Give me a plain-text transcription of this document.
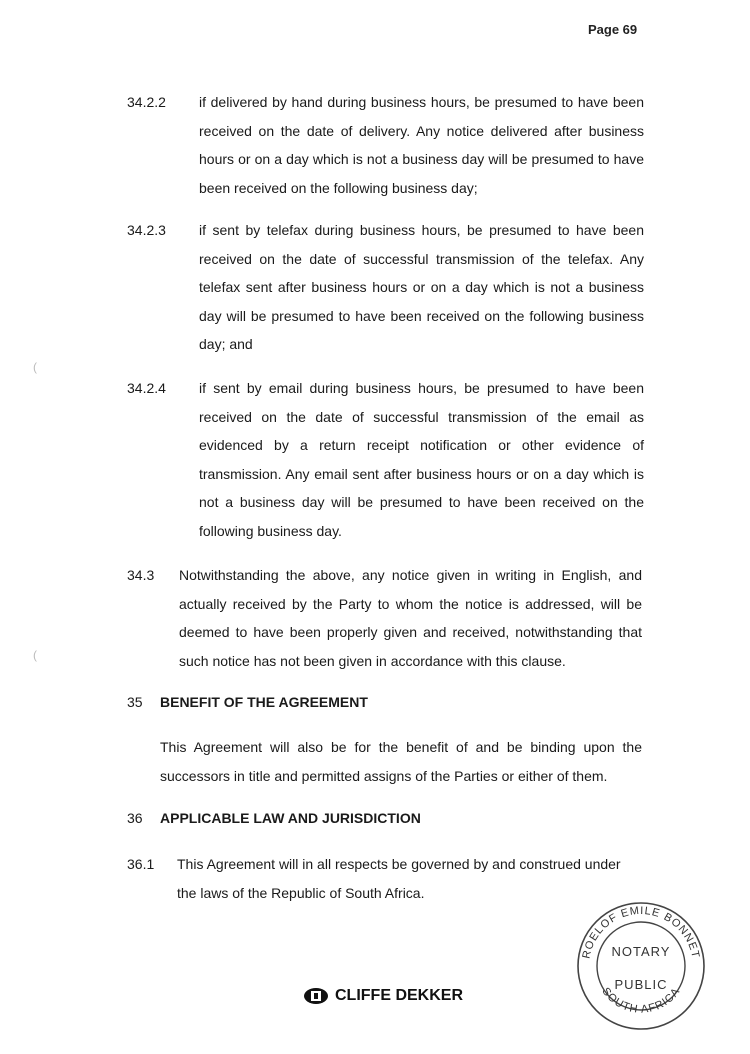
Page 69
34.2.2 if delivered by hand during business hours, be presumed to have been received on the date of delivery. Any notice delivered after business hours or on a day which is not a business day will be presumed to have been received on the following business day;
34.2.3 if sent by telefax during business hours, be presumed to have been received on the date of successful transmission of the telefax. Any telefax sent after business hours or on a day which is not a business day will be presumed to have been received on the following business day; and
34.2.4 if sent by email during business hours, be presumed to have been received on the date of successful transmission of the email as evidenced by a return receipt notification or other evidence of transmission. Any email sent after business hours or on a day which is not a business day will be presumed to have been received on the following business day.
34.3 Notwithstanding the above, any notice given in writing in English, and actually received by the Party to whom the notice is addressed, will be deemed to have been properly given and received, notwithstanding that such notice has not been given in accordance with this clause.
35 BENEFIT OF THE AGREEMENT
This Agreement will also be for the benefit of and be binding upon the successors in title and permitted assigns of the Parties or either of them.
36 APPLICABLE LAW AND JURISDICTION
36.1 This Agreement will in all respects be governed by and construed under the laws of the Republic of South Africa.
(
(
CLIFFE DEKKER
ROELOF EMILE BONNET
SOUTH AFRICA
NOTARY
PUBLIC
